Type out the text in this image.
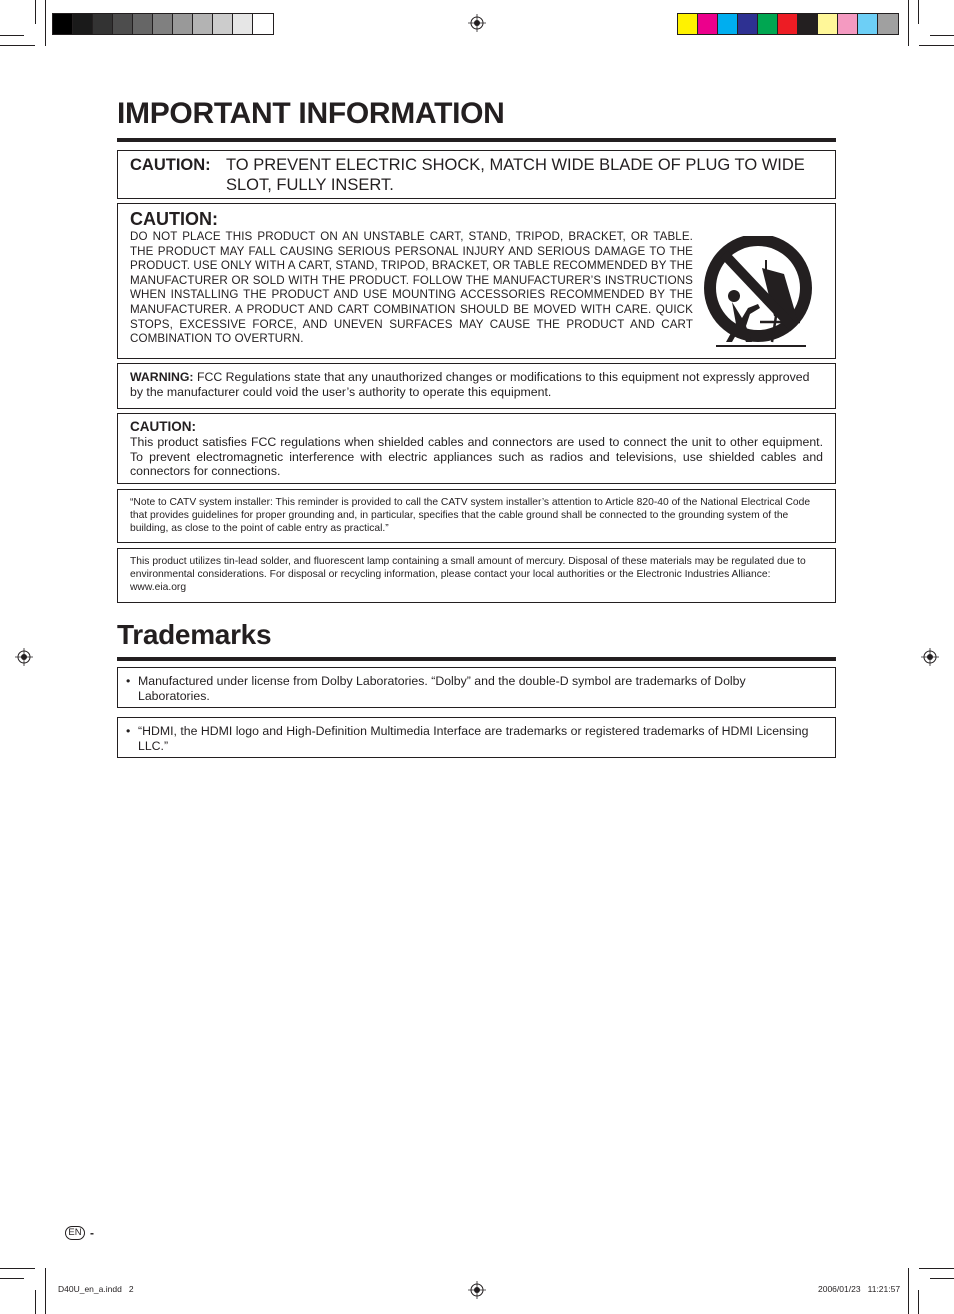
IMPORTANT INFORMATION
CAUTION: TO PREVENT ELECTRIC SHOCK, MATCH WIDE BLADE OF PLUG TO WIDE SLOT, FULLY INSERT.
CAUTION:
DO NOT PLACE THIS PRODUCT ON AN UNSTABLE CART, STAND, TRIPOD, BRACKET, OR TABLE. THE PRODUCT MAY FALL CAUSING SERIOUS PERSONAL INJURY AND SERIOUS DAMAGE TO THE PRODUCT. USE ONLY WITH A CART, STAND, TRIPOD, BRACKET, OR TABLE RECOMMENDED BY THE MANUFACTURER OR SOLD WITH THE PRODUCT. FOLLOW THE MANUFACTURER’S INSTRUCTIONS WHEN INSTALLING THE PRODUCT AND USE MOUNTING ACCESSORIES RECOMMENDED BY THE MANUFACTURER. A PRODUCT AND CART COMBINATION SHOULD BE MOVED WITH CARE. QUICK STOPS, EXCESSIVE FORCE, AND UNEVEN SURFACES MAY CAUSE THE PRODUCT AND CART COMBINATION TO OVERTURN.
WARNING: FCC Regulations state that any unauthorized changes or modifications to this equipment not expressly approved by the manufacturer could void the user’s authority to operate this equipment.
CAUTION:
This product satisfies FCC regulations when shielded cables and connectors are used to connect the unit to other equipment. To prevent electromagnetic interference with electric appliances such as radios and televisions, use shielded cables and connectors for connections.
“Note to CATV system installer: This reminder is provided to call the CATV system installer’s attention to Article 820-40 of the National Electrical Code that provides guidelines for proper grounding and, in particular, specifies that the cable ground shall be connected to the grounding system of the building, as close to the point of cable entry as practical.”
This product utilizes tin-lead solder, and fluorescent lamp containing a small amount of mercury. Disposal of these materials may be regulated due to environmental considerations. For disposal or recycling information, please contact your local authorities or the Electronic Industries Alliance: www.eia.org
Trademarks
• Manufactured under license from Dolby Laboratories. “Dolby” and the double-D symbol are trademarks of Dolby Laboratories.
• “HDMI, the HDMI logo and High-Definition Multimedia Interface are trademarks or registered trademarks of HDMI Licensing LLC.”
EN -
D40U_en_a.indd   2	2006/01/23   11:21:57
